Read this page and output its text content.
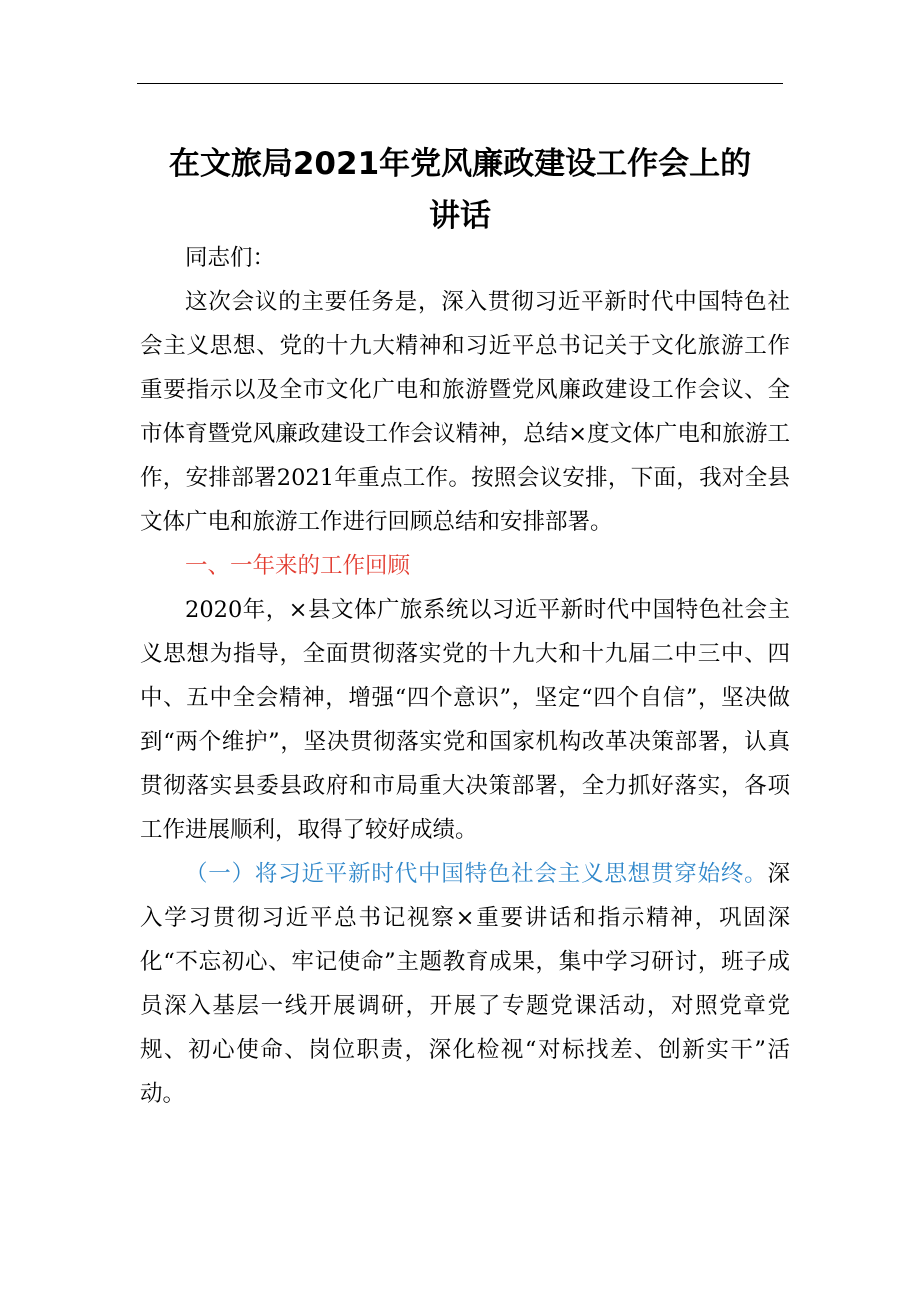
在文旅局2021年党风廉政建设工作会上的
讲话

同志们：

这次会议的主要任务是，深入贯彻习近平新时代中国特色社会主义思想、党的十九大精神和习近平总书记关于文化旅游工作重要指示以及全市文化广电和旅游暨党风廉政建设工作会议、全市体育暨党风廉政建设工作会议精神，总结×度文体广电和旅游工作，安排部署2021年重点工作。按照会议安排，下面，我对全县文体广电和旅游工作进行回顾总结和安排部署。

一、一年来的工作回顾

2020年，×县文体广旅系统以习近平新时代中国特色社会主义思想为指导，全面贯彻落实党的十九大和十九届二中三中、四中、五中全会精神，增强“四个意识”，坚定“四个自信”，坚决做到“两个维护”，坚决贯彻落实党和国家机构改革决策部署，认真贯彻落实县委县政府和市局重大决策部署，全力抓好落实，各项工作进展顺利，取得了较好成绩。

（一）将习近平新时代中国特色社会主义思想贯穿始终。深入学习贯彻习近平总书记视察×重要讲话和指示精神，巩固深化“不忘初心、牢记使命”主题教育成果，集中学习研讨，班子成员深入基层一线开展调研，开展了专题党课活动，对照党章党规、初心使命、岗位职责，深化检视“对标找差、创新实干”活动。
